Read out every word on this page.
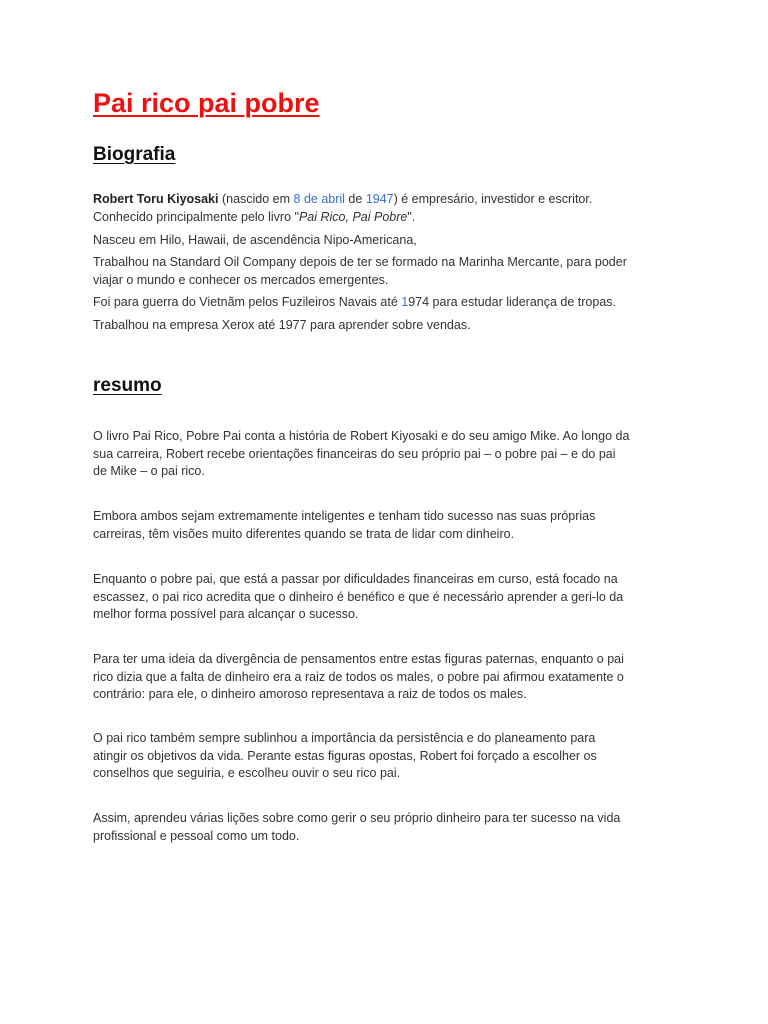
Pai rico pai pobre
Biografia

Robert Toru Kiyosaki (nascido em 8 de abril de 1947) é empresário, investidor e escritor.
Conhecido principalmente pelo livro "Pai Rico, Pai Pobre".

Nasceu em Hilo, Hawaii, de ascendência Nipo-Americana,

Trabalhou na Standard Oil Company depois de ter se formado na Marinha Mercante, para poder
viajar o mundo e conhecer os mercados emergentes.

Foi para guerra do Vietnãm pelos Fuzileiros Navais até 1974 para estudar liderança de tropas.

Trabalhou na empresa Xerox até 1977 para aprender sobre vendas.

resumo

O livro Pai Rico, Pobre Pai conta a história de Robert Kiyosaki e do seu amigo Mike. Ao longo da
sua carreira, Robert recebe orientações financeiras do seu próprio pai – o pobre pai – e do pai
de Mike – o pai rico.

Embora ambos sejam extremamente inteligentes e tenham tido sucesso nas suas próprias
carreiras, têm visões muito diferentes quando se trata de lidar com dinheiro.

Enquanto o pobre pai, que está a passar por dificuldades financeiras em curso, está focado na
escassez, o pai rico acredita que o dinheiro é benéfico e que é necessário aprender a geri-lo da
melhor forma possível para alcançar o sucesso.

Para ter uma ideia da divergência de pensamentos entre estas figuras paternas, enquanto o pai
rico dizia que a falta de dinheiro era a raiz de todos os males, o pobre pai afirmou exatamente o
contrário: para ele, o dinheiro amoroso representava a raiz de todos os males.

O pai rico também sempre sublinhou a importância da persistência e do planeamento para
atingir os objetivos da vida. Perante estas figuras opostas, Robert foi forçado a escolher os
conselhos que seguiria, e escolheu ouvir o seu rico pai.

Assim, aprendeu várias lições sobre como gerir o seu próprio dinheiro para ter sucesso na vida
profissional e pessoal como um todo.
